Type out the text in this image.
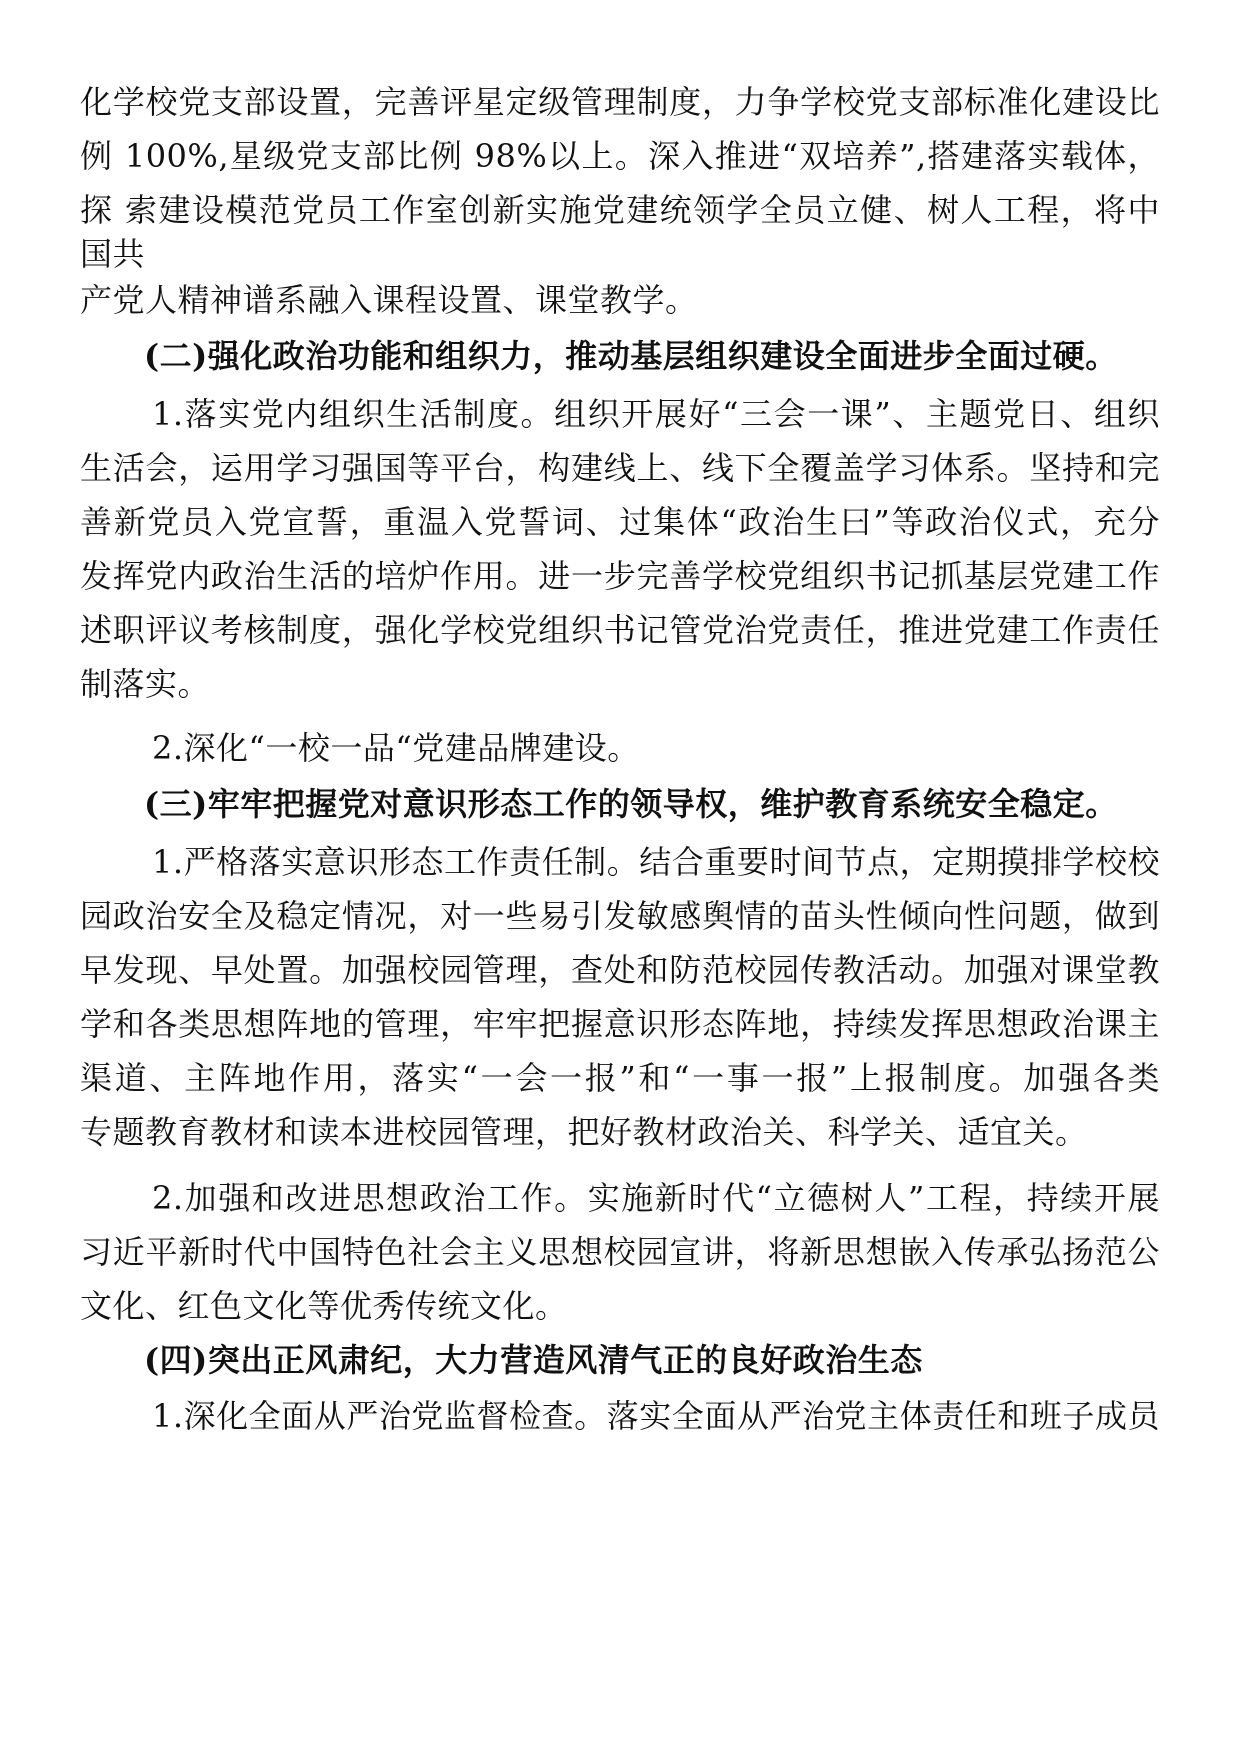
化学校党支部设置，完善评星定级管理制度，力争学校党支部标准化建设比
例 100%,星级党支部比例 98%以上。深入推进“双培养”,搭建落实载体，
探 索建设模范党员工作室创新实施党建统领学全员立健、树人工程，将中
国共
产党人精神谱系融入课程设置、课堂教学。
(二)强化政治功能和组织力，推动基层组织建设全面进步全面过硬。
1.落实党内组织生活制度。组织开展好“三会一课”、主题党日、组织
生活会，运用学习强国等平台，构建线上、线下全覆盖学习体系。坚持和完
善新党员入党宣誓，重温入党誓词、过集体“政治生曰”等政治仪式，充分
发挥党内政治生活的培炉作用。进一步完善学校党组织书记抓基层党建工作
述职评议考核制度，强化学校党组织书记管党治党责任，推进党建工作责任
制落实。
2.深化“一校一品“党建品牌建设。
(三)牢牢把握党对意识形态工作的领导权，维护教育系统安全稳定。
1.严格落实意识形态工作责任制。结合重要时间节点，定期摸排学校校
园政治安全及稳定情况，对一些易引发敏感舆情的苗头性倾向性问题，做到
早发现、早处置。加强校园管理，查处和防范校园传教活动。加强对课堂教
学和各类思想阵地的管理，牢牢把握意识形态阵地，持续发挥思想政治课主
渠道、主阵地作用，落实“一会一报”和“一事一报”上报制度。加强各类
专题教育教材和读本进校园管理，把好教材政治关、科学关、适宜关。
2.加强和改进思想政治工作。实施新时代“立德树人”工程，持续开展
习近平新时代中国特色社会主义思想校园宣讲，将新思想嵌入传承弘扬范公
文化、红色文化等优秀传统文化。
(四)突出正风肃纪，大力营造风清气正的良好政治生态
1.深化全面从严治党监督检查。落实全面从严治党主体责任和班子成员
